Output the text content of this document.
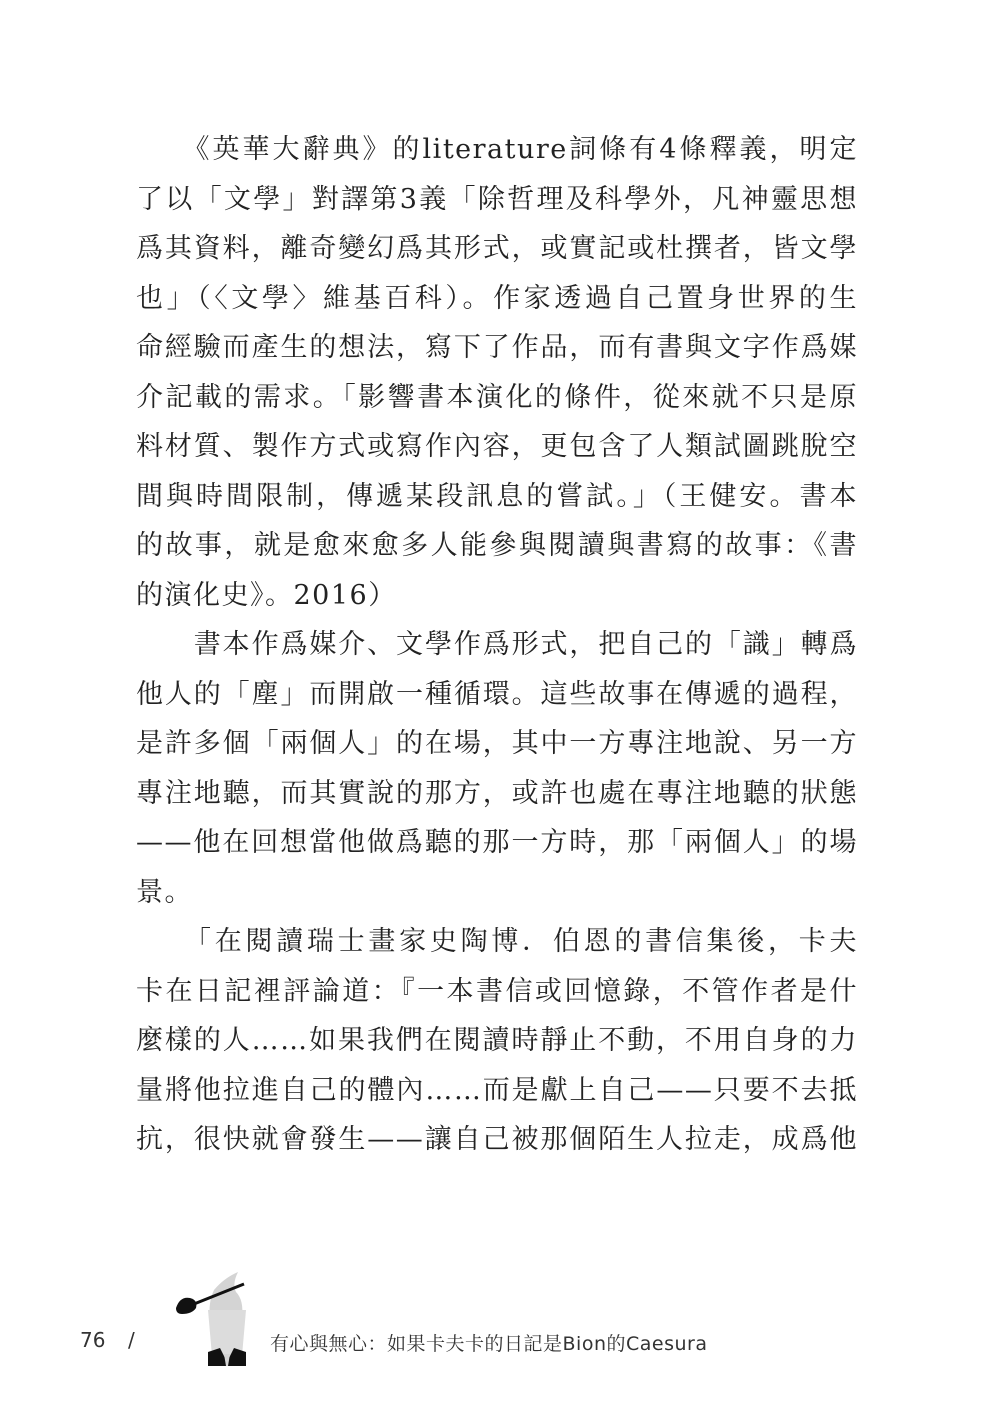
　　《英華大辭典》的literature詞條有4條釋義，明定
了以「文學」對譯第3義「除哲理及科學外，凡神靈思想
爲其資料，離奇變幻爲其形式，或實記或杜撰者，皆文學
也」（〈文學〉維基百科）。作家透過自己置身世界的生
命經驗而產生的想法，寫下了作品，而有書與文字作爲媒
介記載的需求。「影響書本演化的條件，從來就不只是原
料材質、製作方式或寫作內容，更包含了人類試圖跳脫空
間與時間限制，傳遞某段訊息的嘗試。」（王健安。書本
的故事，就是愈來愈多人能參與閱讀與書寫的故事：《書
的演化史》。2016）
　　書本作爲媒介、文學作爲形式，把自己的「識」轉爲
他人的「塵」而開啟一種循環。這些故事在傳遞的過程，
是許多個「兩個人」的在場，其中一方專注地說、另一方
專注地聽，而其實說的那方，或許也處在專注地聽的狀態
——他在回想當他做爲聽的那一方時，那「兩個人」的場
景。
　　「在閱讀瑞士畫家史陶博．伯恩的書信集後，卡夫
卡在日記裡評論道：『一本書信或回憶錄，不管作者是什
麼樣的人……如果我們在閱讀時靜止不動，不用自身的力
量將他拉進自己的體內……而是獻上自己——只要不去抵
抗，很快就會發生——讓自己被那個陌生人拉走，成爲他
76 /	有心與無心：如果卡夫卡的日記是Bion的Caesura
